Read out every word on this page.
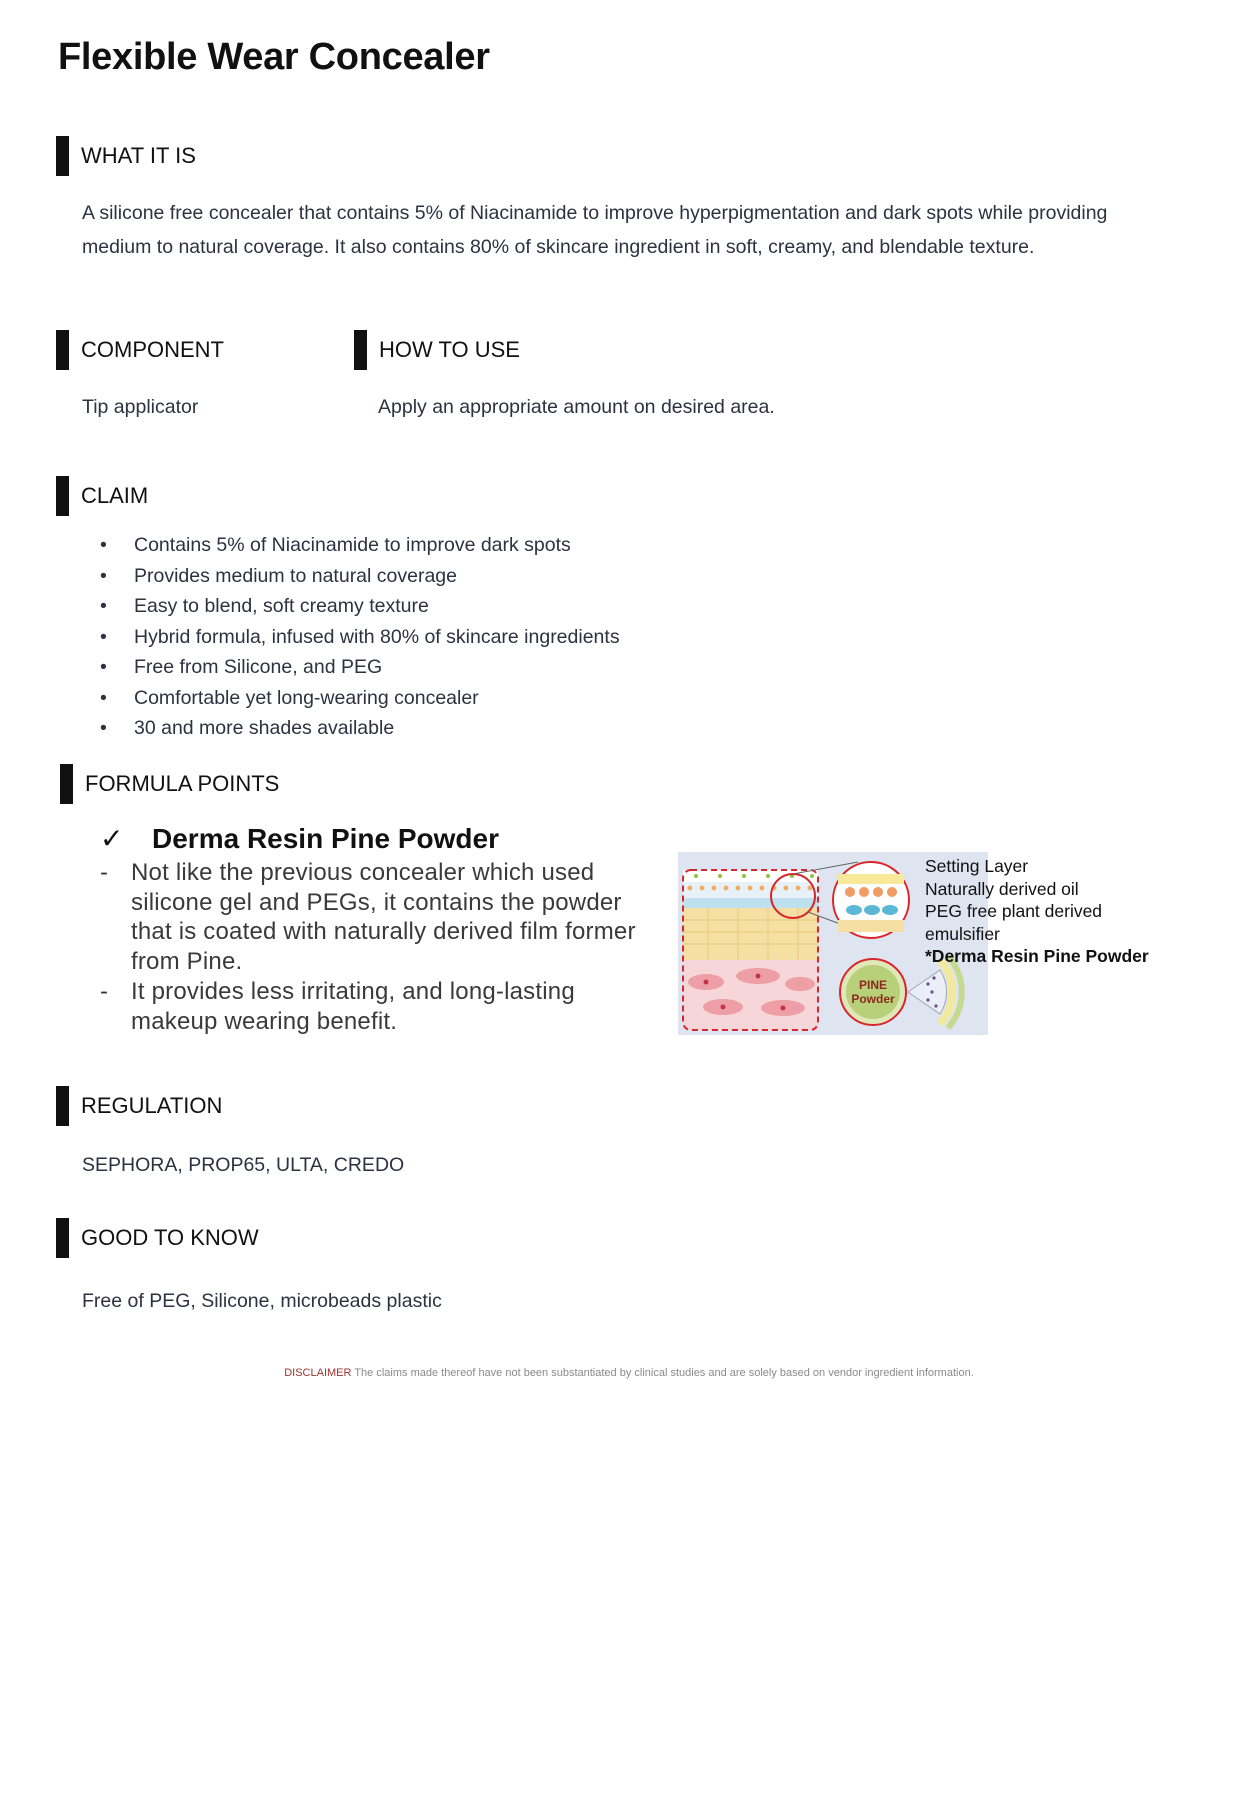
Flexible Wear Concealer
WHAT IT IS
A silicone free concealer that contains 5% of Niacinamide to improve hyperpigmentation and dark spots while providing medium to natural coverage. It also contains 80% of skincare ingredient in soft, creamy, and blendable texture.
COMPONENT
Tip applicator
HOW TO USE
Apply an appropriate amount on desired area.
CLAIM
•	Contains 5% of Niacinamide to improve dark spots
•	Provides medium to natural coverage
•	Easy to blend, soft creamy texture
•	Hybrid formula, infused with 80% of skincare ingredients
•	Free from Silicone, and PEG
•	Comfortable yet long-wearing concealer
•	30 and more shades available
FORMULA POINTS
✓	Derma Resin Pine Powder
- Not like the previous concealer which used silicone gel and PEGs, it contains the powder that is coated with naturally derived film former from Pine.
- It provides less irritating, and long-lasting makeup wearing benefit.
PINE
Powder
Setting Layer
Naturally derived oil
PEG free plant derived
emulsifier
*Derma Resin Pine Powder
REGULATION
SEPHORA, PROP65, ULTA, CREDO
GOOD TO KNOW
Free of PEG, Silicone, microbeads plastic
DISCLAIMER The claims made thereof have not been substantiated by clinical studies and are solely based on vendor ingredient information.
